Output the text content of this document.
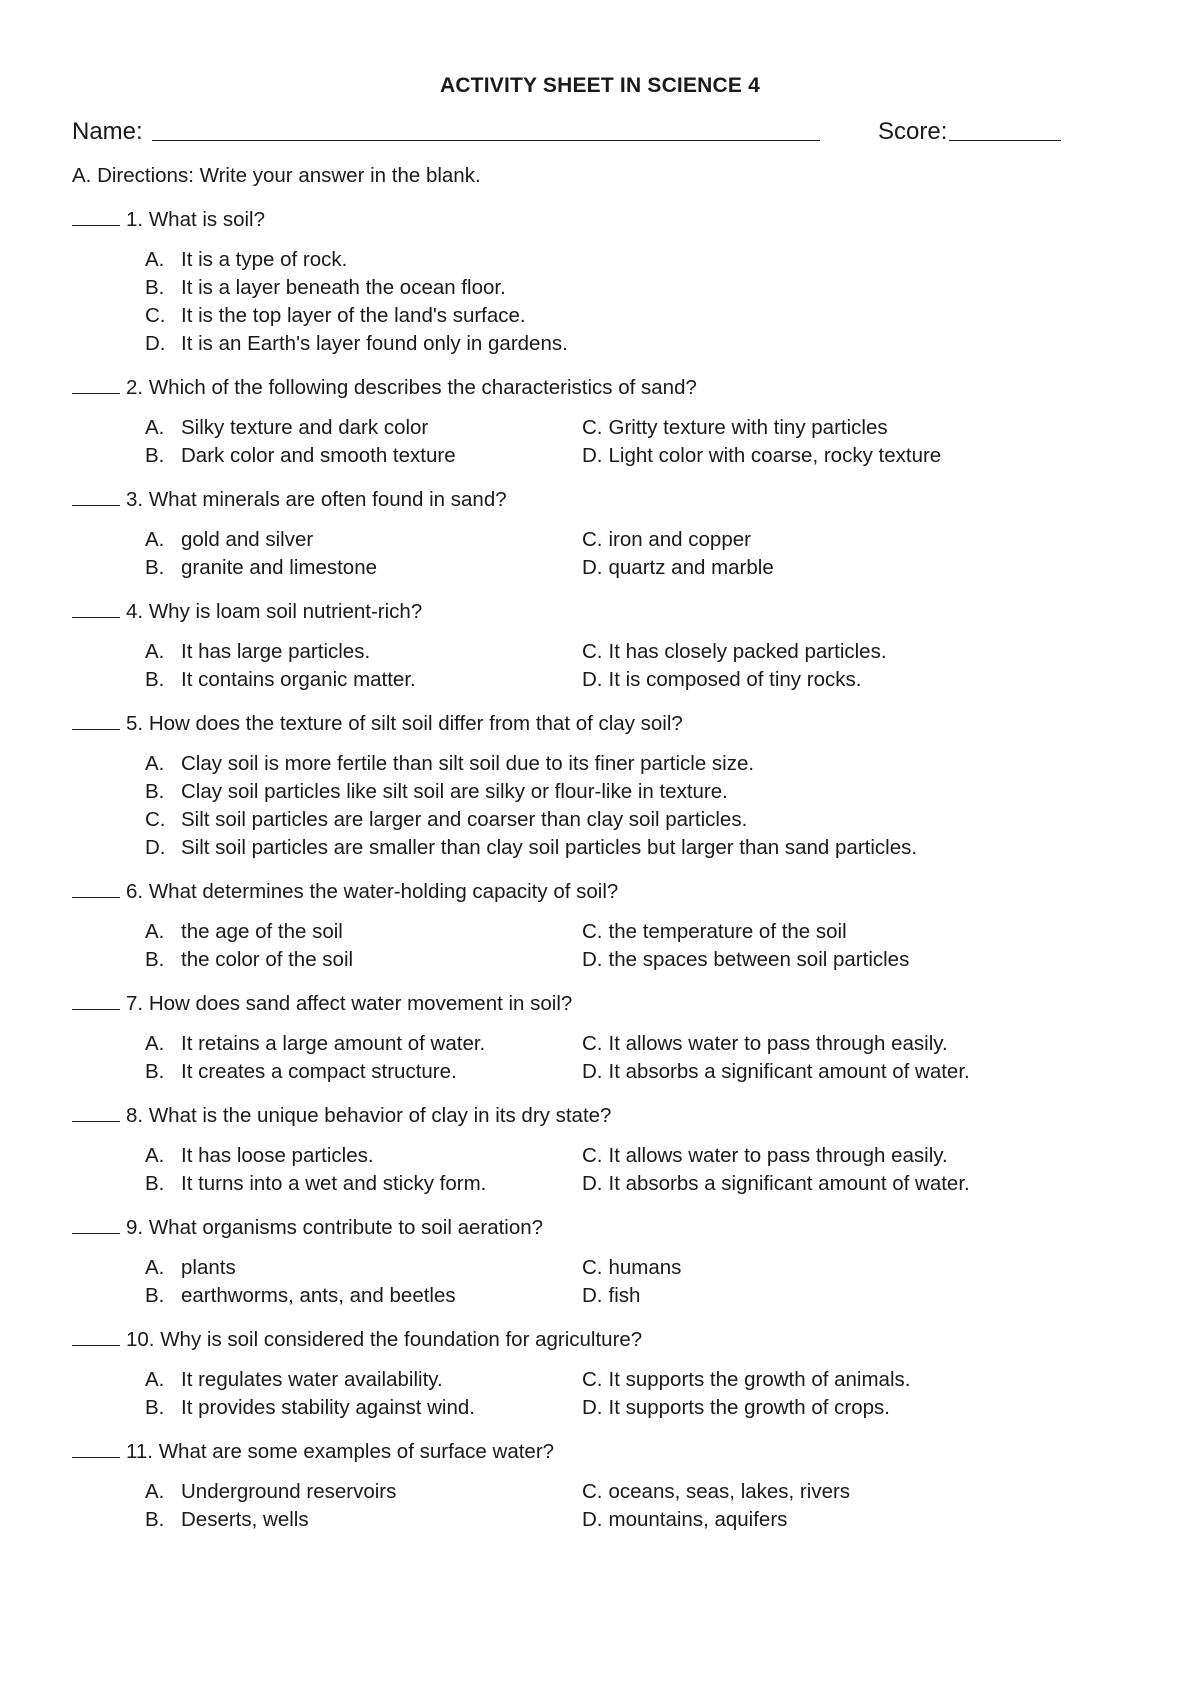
ACTIVITY SHEET IN SCIENCE 4
Name:	Score:
A. Directions: Write your answer in the blank.
1. What is soil?
A. It is a type of rock.
B. It is a layer beneath the ocean floor.
C. It is the top layer of the land's surface.
D. It is an Earth's layer found only in gardens.
2. Which of the following describes the characteristics of sand?
A. Silky texture and dark color	C. Gritty texture with tiny particles
B. Dark color and smooth texture	D. Light color with coarse, rocky texture
3. What minerals are often found in sand?
A. gold and silver	C. iron and copper
B. granite and limestone	D. quartz and marble
4. Why is loam soil nutrient-rich?
A. It has large particles.	C. It has closely packed particles.
B. It contains organic matter.	D. It is composed of tiny rocks.
5. How does the texture of silt soil differ from that of clay soil?
A. Clay soil is more fertile than silt soil due to its finer particle size.
B. Clay soil particles like silt soil are silky or flour-like in texture.
C. Silt soil particles are larger and coarser than clay soil particles.
D. Silt soil particles are smaller than clay soil particles but larger than sand particles.
6. What determines the water-holding capacity of soil?
A. the age of the soil	C. the temperature of the soil
B. the color of the soil	D. the spaces between soil particles
7. How does sand affect water movement in soil?
A. It retains a large amount of water.	C. It allows water to pass through easily.
B. It creates a compact structure.	D. It absorbs a significant amount of water.
8. What is the unique behavior of clay in its dry state?
A. It has loose particles.	C. It allows water to pass through easily.
B. It turns into a wet and sticky form.	D. It absorbs a significant amount of water.
9. What organisms contribute to soil aeration?
A. plants	C. humans
B. earthworms, ants, and beetles	D. fish
10. Why is soil considered the foundation for agriculture?
A. It regulates water availability.	C. It supports the growth of animals.
B. It provides stability against wind.	D. It supports the growth of crops.
11. What are some examples of surface water?
A. Underground reservoirs	C. oceans, seas, lakes, rivers
B. Deserts, wells	D. mountains, aquifers
